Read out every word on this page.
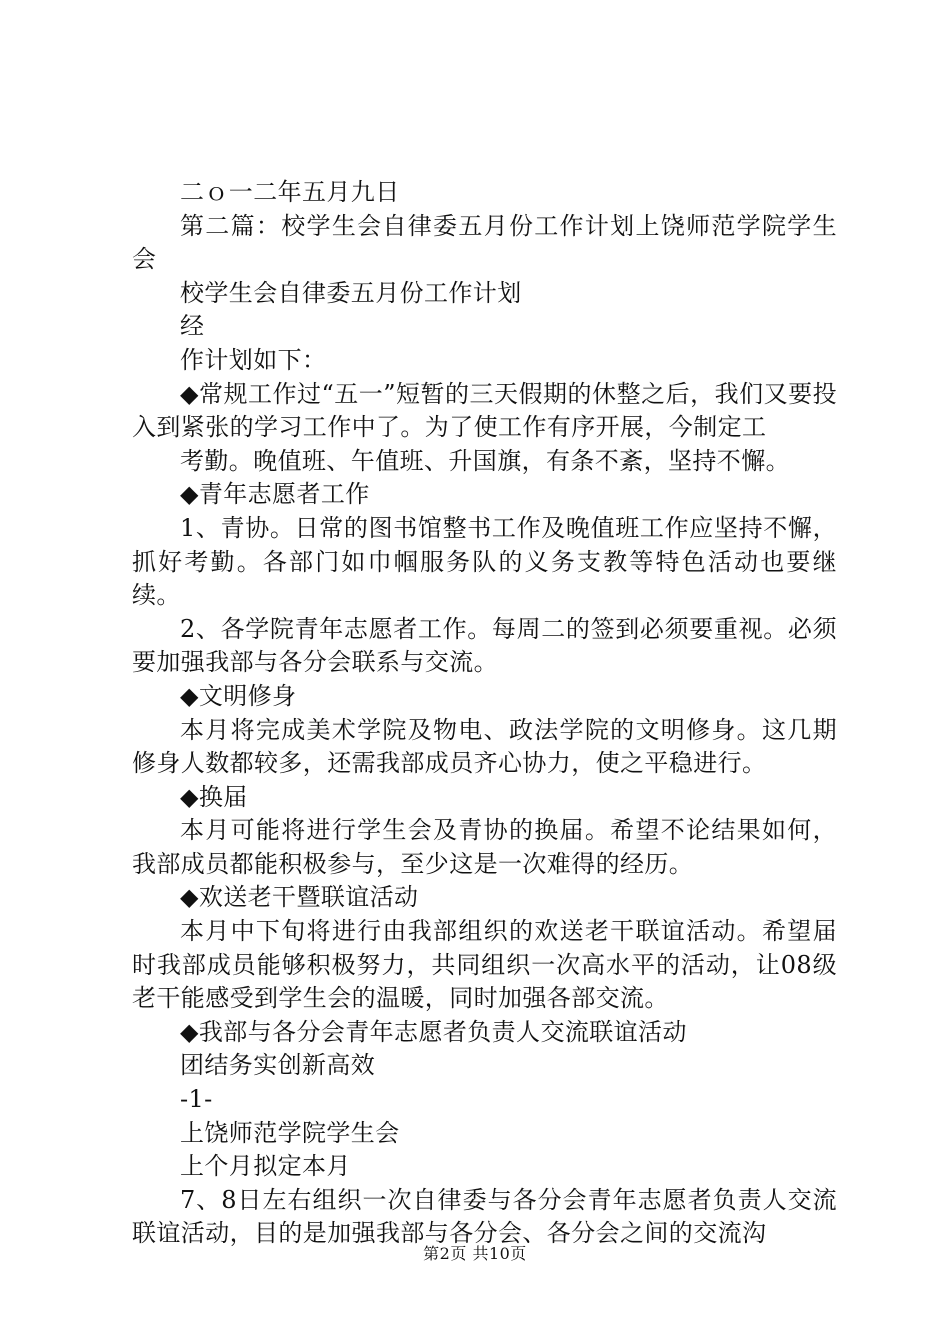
二ｏ一二年五月九日

第二篇：校学生会自律委五月份工作计划上饶师范学院学生会

校学生会自律委五月份工作计划

经

作计划如下：

◆常规工作过“五一”短暂的三天假期的休整之后，我们又要投入到紧张的学习工作中了。为了使工作有序开展，今制定工

考勤。晚值班、午值班、升国旗，有条不紊，坚持不懈。

◆青年志愿者工作

1、青协。日常的图书馆整书工作及晚值班工作应坚持不懈，抓好考勤。各部门如巾帼服务队的义务支教等特色活动也要继续。

2、各学院青年志愿者工作。每周二的签到必须要重视。必须要加强我部与各分会联系与交流。

◆文明修身

本月将完成美术学院及物电、政法学院的文明修身。这几期修身人数都较多，还需我部成员齐心协力，使之平稳进行。

◆换届

本月可能将进行学生会及青协的换届。希望不论结果如何，我部成员都能积极参与，至少这是一次难得的经历。

◆欢送老干暨联谊活动

本月中下旬将进行由我部组织的欢送老干联谊活动。希望届时我部成员能够积极努力，共同组织一次高水平的活动，让08级老干能感受到学生会的温暖，同时加强各部交流。

◆我部与各分会青年志愿者负责人交流联谊活动

团结务实创新高效

-1-

上饶师范学院学生会

上个月拟定本月

7、8日左右组织一次自律委与各分会青年志愿者负责人交流联谊活动，目的是加强我部与各分会、各分会之间的交流沟

第2页 共10页
